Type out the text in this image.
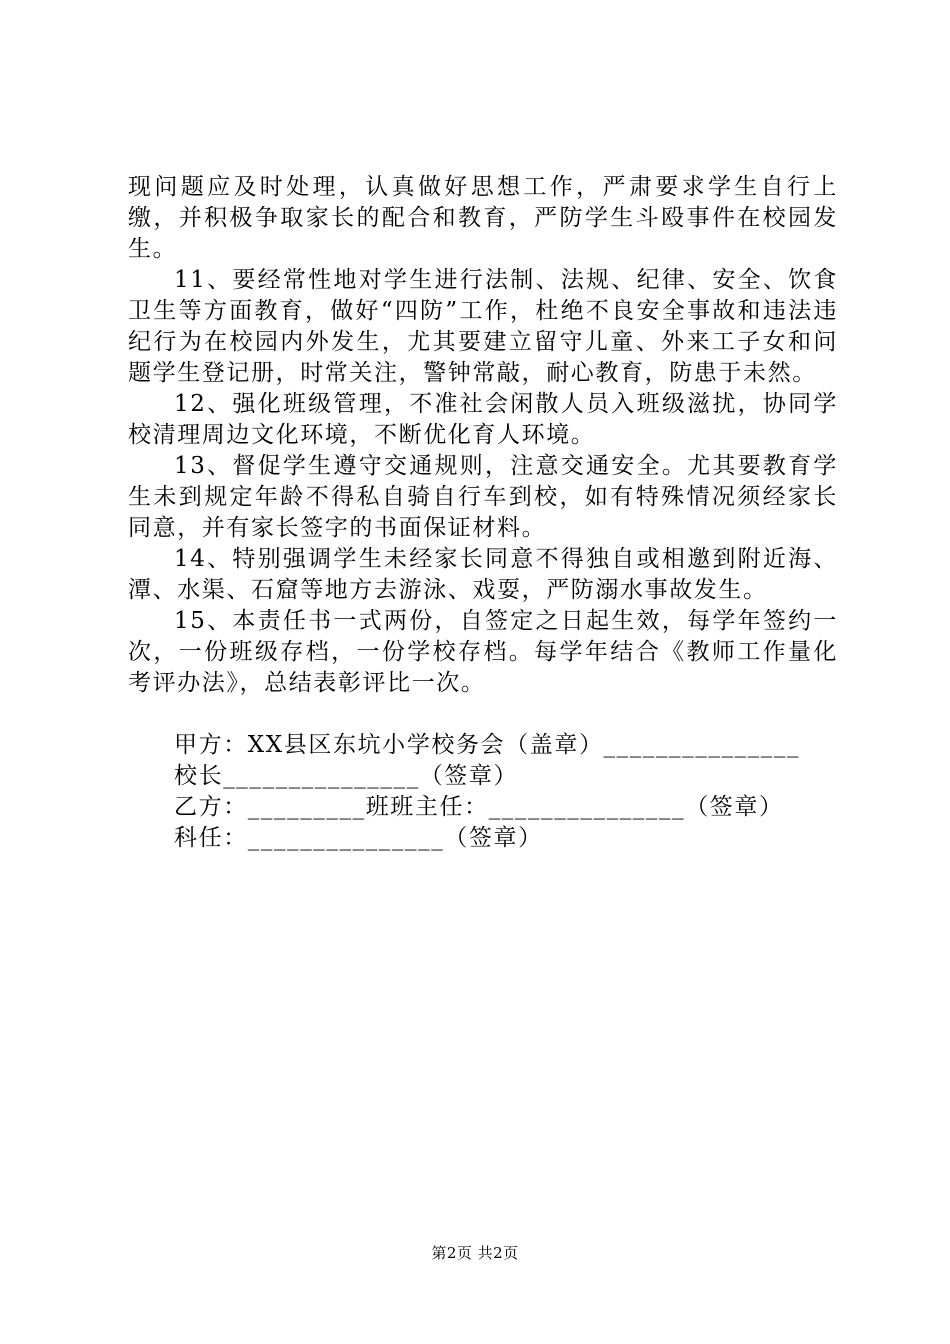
现问题应及时处理，认真做好思想工作，严肃要求学生自行上缴，并积极争取家长的配合和教育，严防学生斗殴事件在校园发生。

11、要经常性地对学生进行法制、法规、纪律、安全、饮食卫生等方面教育，做好“四防”工作，杜绝不良安全事故和违法违纪行为在校园内外发生，尤其要建立留守儿童、外来工子女和问题学生登记册，时常关注，警钟常敲，耐心教育，防患于未然。

12、强化班级管理，不准社会闲散人员入班级滋扰，协同学校清理周边文化环境，不断优化育人环境。

13、督促学生遵守交通规则，注意交通安全。尤其要教育学生未到规定年龄不得私自骑自行车到校，如有特殊情况须经家长同意，并有家长签字的书面保证材料。

14、特别强调学生未经家长同意不得独自或相邀到附近海、潭、水渠、石窟等地方去游泳、戏耍，严防溺水事故发生。

15、本责任书一式两份，自签定之日起生效，每学年签约一次，一份班级存档，一份学校存档。每学年结合《教师工作量化考评办法》，总结表彰评比一次。

甲方：XX县区东坑小学校务会（盖章）_______________

校长_______________（签章）

乙方：_________班班主任：_______________（签章）

科任：_______________（签章）

第2页 共2页
